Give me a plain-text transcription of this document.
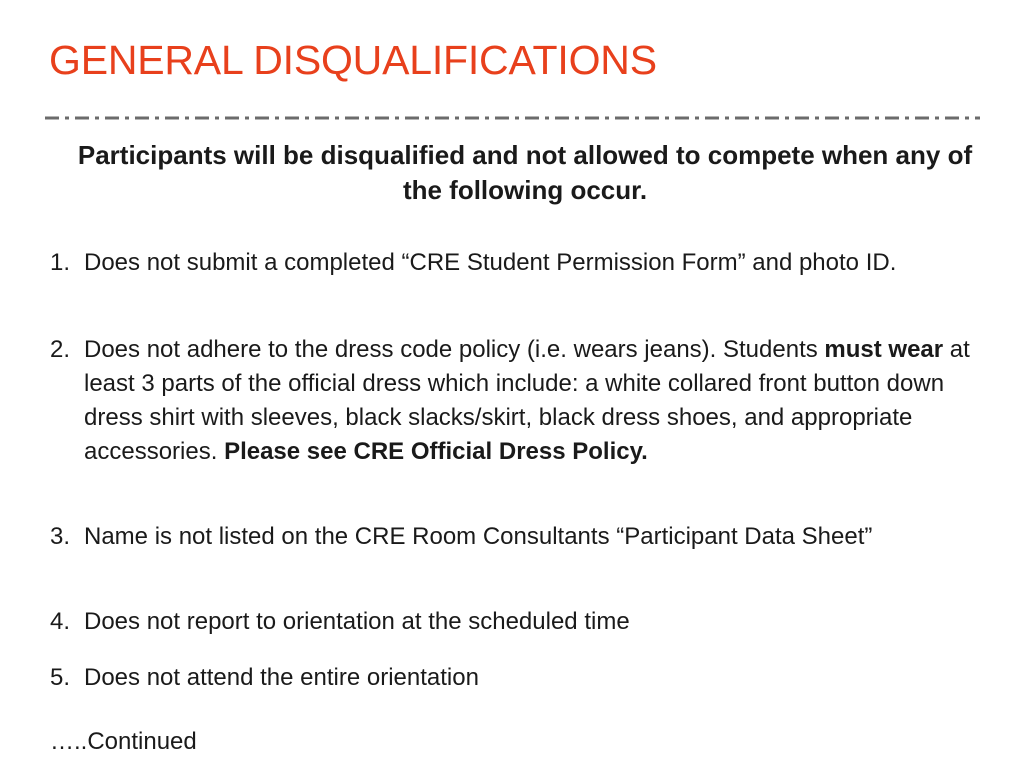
GENERAL DISQUALIFICATIONS

Participants will be disqualified and not allowed to compete when any of the following occur.

1. Does not submit a completed “CRE Student Permission Form” and photo ID.
2. Does not adhere to the dress code policy (i.e. wears jeans). Students must wear at least 3 parts of the official dress which include: a white collared front button down dress shirt with sleeves, black slacks/skirt, black dress shoes, and appropriate accessories. Please see CRE Official Dress Policy.
3. Name is not listed on the CRE Room Consultants “Participant Data Sheet”
4. Does not report to orientation at the scheduled time
5. Does not attend the entire orientation

…..Continued
